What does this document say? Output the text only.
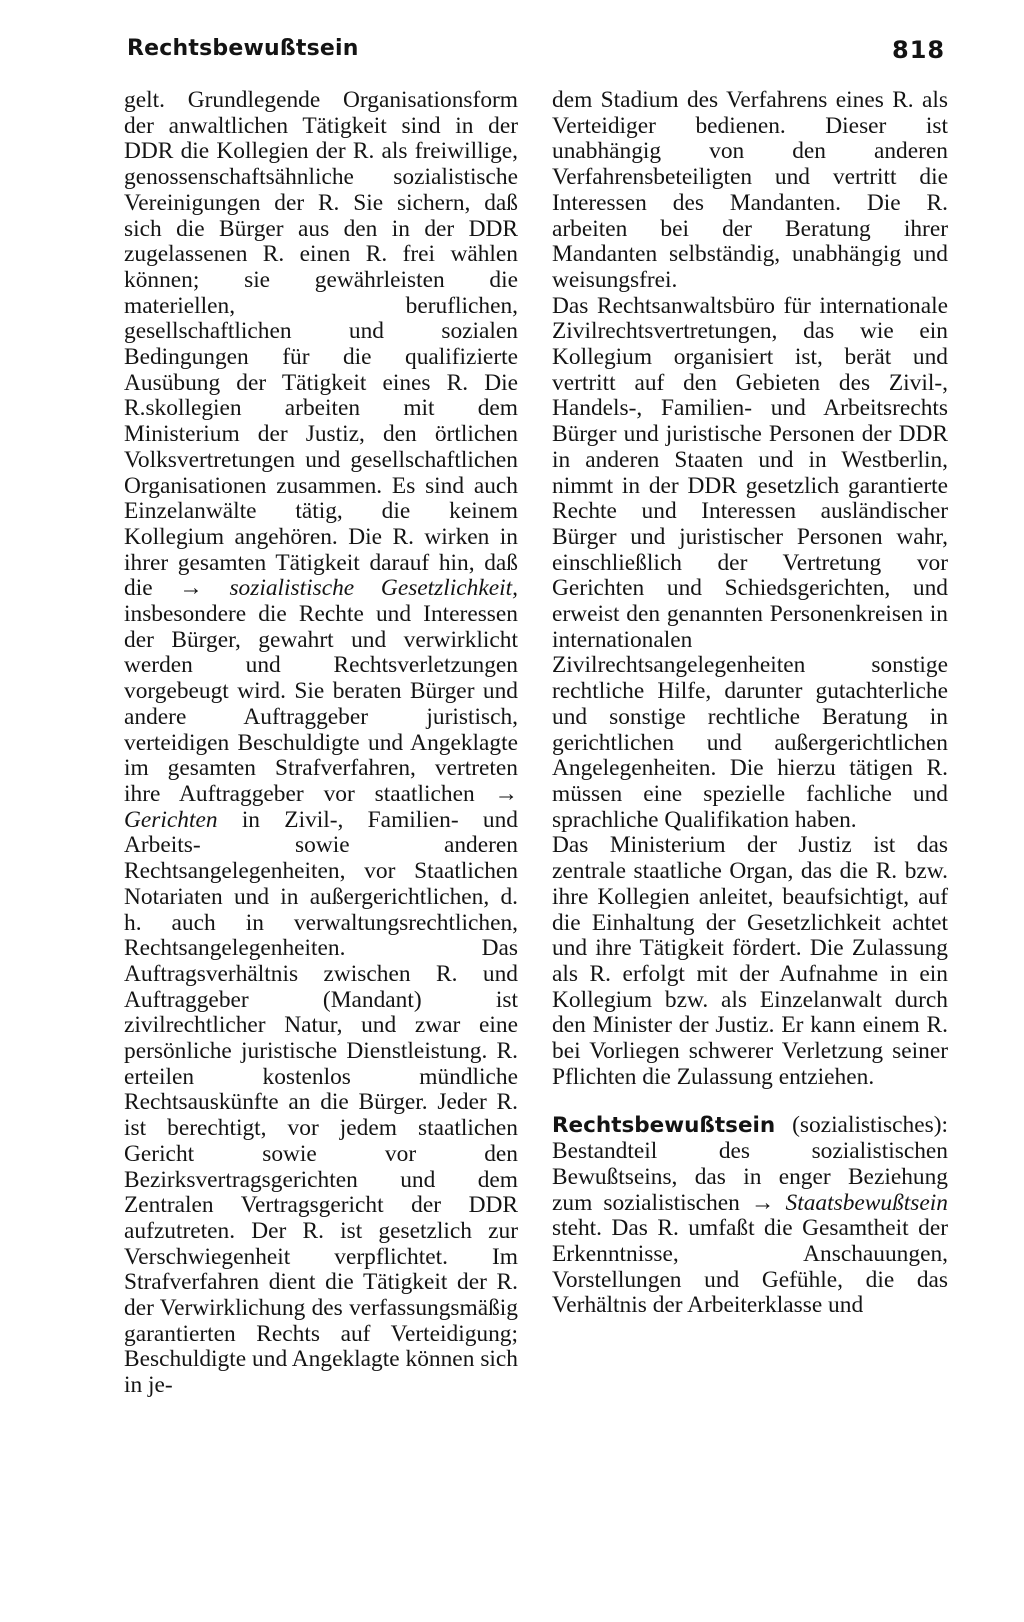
Rechtsbewußtsein	818

gelt. Grundlegende Organisationsform der anwaltlichen Tätigkeit sind in der DDR die Kollegien der R. als freiwillige, genossenschaftsähnliche sozialistische Vereinigungen der R. Sie sichern, daß sich die Bürger aus den in der DDR zugelassenen R. einen R. frei wählen können; sie gewährleisten die materiellen, beruflichen, gesellschaftlichen und sozialen Bedingungen für die qualifizierte Ausübung der Tätigkeit eines R. Die R.skollegien arbeiten mit dem Ministerium der Justiz, den örtlichen Volksvertretungen und gesellschaftlichen Organisationen zusammen. Es sind auch Einzelanwälte tätig, die keinem Kollegium angehören. Die R. wirken in ihrer gesamten Tätigkeit darauf hin, daß die → sozialistische Gesetzlichkeit, insbesondere die Rechte und Interessen der Bürger, gewahrt und verwirklicht werden und Rechtsverletzungen vorgebeugt wird. Sie beraten Bürger und andere Auftraggeber juristisch, verteidigen Beschuldigte und Angeklagte im gesamten Strafverfahren, vertreten ihre Auftraggeber vor staatlichen → Gerichten in Zivil-, Familien- und Arbeits- sowie anderen Rechtsangelegenheiten, vor Staatlichen Notariaten und in außergerichtlichen, d. h. auch in verwaltungsrechtlichen, Rechtsangelegenheiten. Das Auftragsverhältnis zwischen R. und Auftraggeber (Mandant) ist zivilrechtlicher Natur, und zwar eine persönliche juristische Dienstleistung. R. erteilen kostenlos mündliche Rechtsauskünfte an die Bürger. Jeder R. ist berechtigt, vor jedem staatlichen Gericht sowie vor den Bezirksvertragsgerichten und dem Zentralen Vertragsgericht der DDR aufzutreten. Der R. ist gesetzlich zur Verschwiegenheit verpflichtet. Im Strafverfahren dient die Tätigkeit der R. der Verwirklichung des verfassungsmäßig garantierten Rechts auf Verteidigung; Beschuldigte und Angeklagte können sich in je-

dem Stadium des Verfahrens eines R. als Verteidiger bedienen. Dieser ist unabhängig von den anderen Verfahrensbeteiligten und vertritt die Interessen des Mandanten. Die R. arbeiten bei der Beratung ihrer Mandanten selbständig, unabhängig und weisungsfrei.

Das Rechtsanwaltsbüro für internationale Zivilrechtsvertretungen, das wie ein Kollegium organisiert ist, berät und vertritt auf den Gebieten des Zivil-, Handels-, Familien- und Arbeitsrechts Bürger und juristische Personen der DDR in anderen Staaten und in Westberlin, nimmt in der DDR gesetzlich garantierte Rechte und Interessen ausländischer Bürger und juristischer Personen wahr, einschließlich der Vertretung vor Gerichten und Schiedsgerichten, und erweist den genannten Personenkreisen in internationalen Zivilrechtsangelegenheiten sonstige rechtliche Hilfe, darunter gutachterliche und sonstige rechtliche Beratung in gerichtlichen und außergerichtlichen Angelegenheiten. Die hierzu tätigen R. müssen eine spezielle fachliche und sprachliche Qualifikation haben.

Das Ministerium der Justiz ist das zentrale staatliche Organ, das die R. bzw. ihre Kollegien anleitet, beaufsichtigt, auf die Einhaltung der Gesetzlichkeit achtet und ihre Tätigkeit fördert. Die Zulassung als R. erfolgt mit der Aufnahme in ein Kollegium bzw. als Einzelanwalt durch den Minister der Justiz. Er kann einem R. bei Vorliegen schwerer Verletzung seiner Pflichten die Zulassung entziehen.

Rechtsbewußtsein (sozialistisches): Bestandteil des sozialistischen Bewußtseins, das in enger Beziehung zum sozialistischen → Staatsbewußtsein steht. Das R. umfaßt die Gesamtheit der Erkenntnisse, Anschauungen, Vorstellungen und Gefühle, die das Verhältnis der Arbeiterklasse und
